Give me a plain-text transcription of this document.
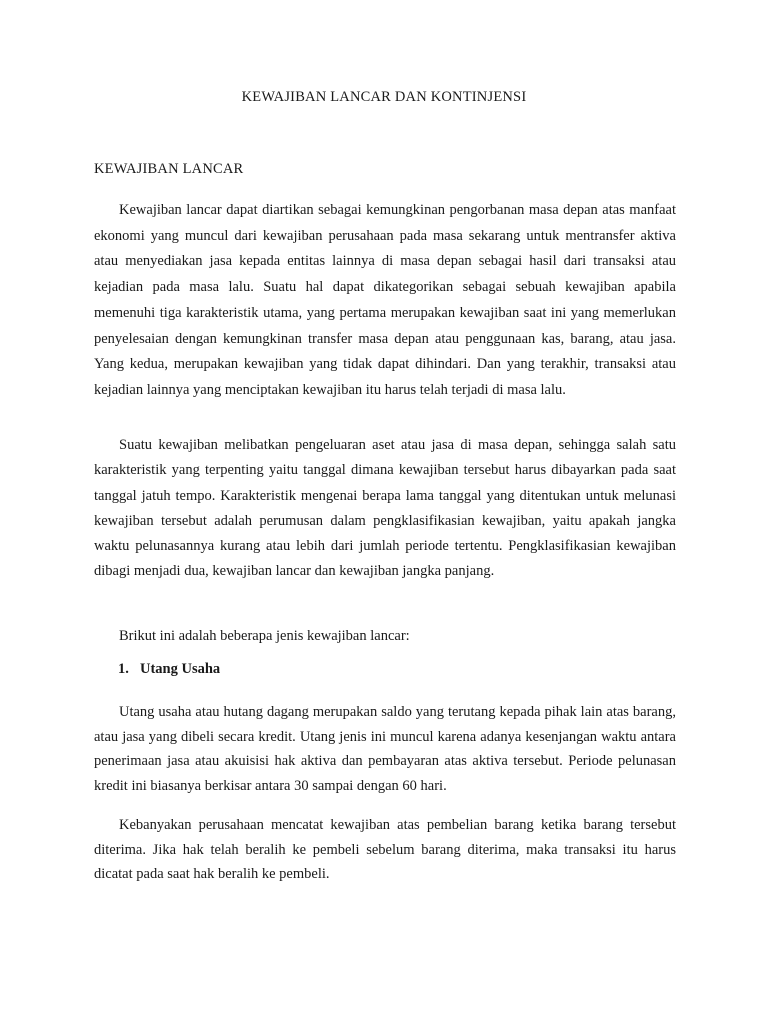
KEWAJIBAN LANCAR DAN KONTINJENSI
KEWAJIBAN LANCAR

Kewajiban lancar dapat diartikan sebagai kemungkinan pengorbanan masa depan atas manfaat ekonomi yang muncul dari kewajiban perusahaan pada masa sekarang untuk mentransfer aktiva atau menyediakan jasa kepada entitas lainnya di masa depan sebagai hasil dari transaksi atau kejadian pada masa lalu. Suatu hal dapat dikategorikan sebagai sebuah kewajiban apabila memenuhi tiga karakteristik utama, yang pertama merupakan kewajiban saat ini yang memerlukan penyelesaian dengan kemungkinan transfer masa depan atau penggunaan kas, barang, atau jasa. Yang kedua, merupakan kewajiban yang tidak dapat dihindari. Dan yang terakhir, transaksi atau kejadian lainnya yang menciptakan kewajiban itu harus telah terjadi di masa lalu.

Suatu kewajiban melibatkan pengeluaran aset atau jasa di masa depan, sehingga salah satu karakteristik yang terpenting yaitu tanggal dimana kewajiban tersebut harus dibayarkan pada saat tanggal jatuh tempo. Karakteristik mengenai berapa lama tanggal yang ditentukan untuk melunasi kewajiban tersebut adalah perumusan dalam pengklasifikasian kewajiban, yaitu apakah jangka waktu pelunasannya kurang atau lebih dari jumlah periode tertentu. Pengklasifikasian kewajiban dibagi menjadi dua, kewajiban lancar dan kewajiban jangka panjang.

Brikut ini adalah beberapa jenis kewajiban lancar:

1. Utang Usaha

Utang usaha atau hutang dagang merupakan saldo yang terutang kepada pihak lain atas barang, atau jasa yang dibeli secara kredit. Utang jenis ini muncul karena adanya kesenjangan waktu antara penerimaan jasa atau akuisisi hak aktiva dan pembayaran atas aktiva tersebut. Periode pelunasan kredit ini biasanya berkisar antara 30 sampai dengan 60 hari.

Kebanyakan perusahaan mencatat kewajiban atas pembelian barang ketika barang tersebut diterima. Jika hak telah beralih ke pembeli sebelum barang diterima, maka transaksi itu harus dicatat pada saat hak beralih ke pembeli.
